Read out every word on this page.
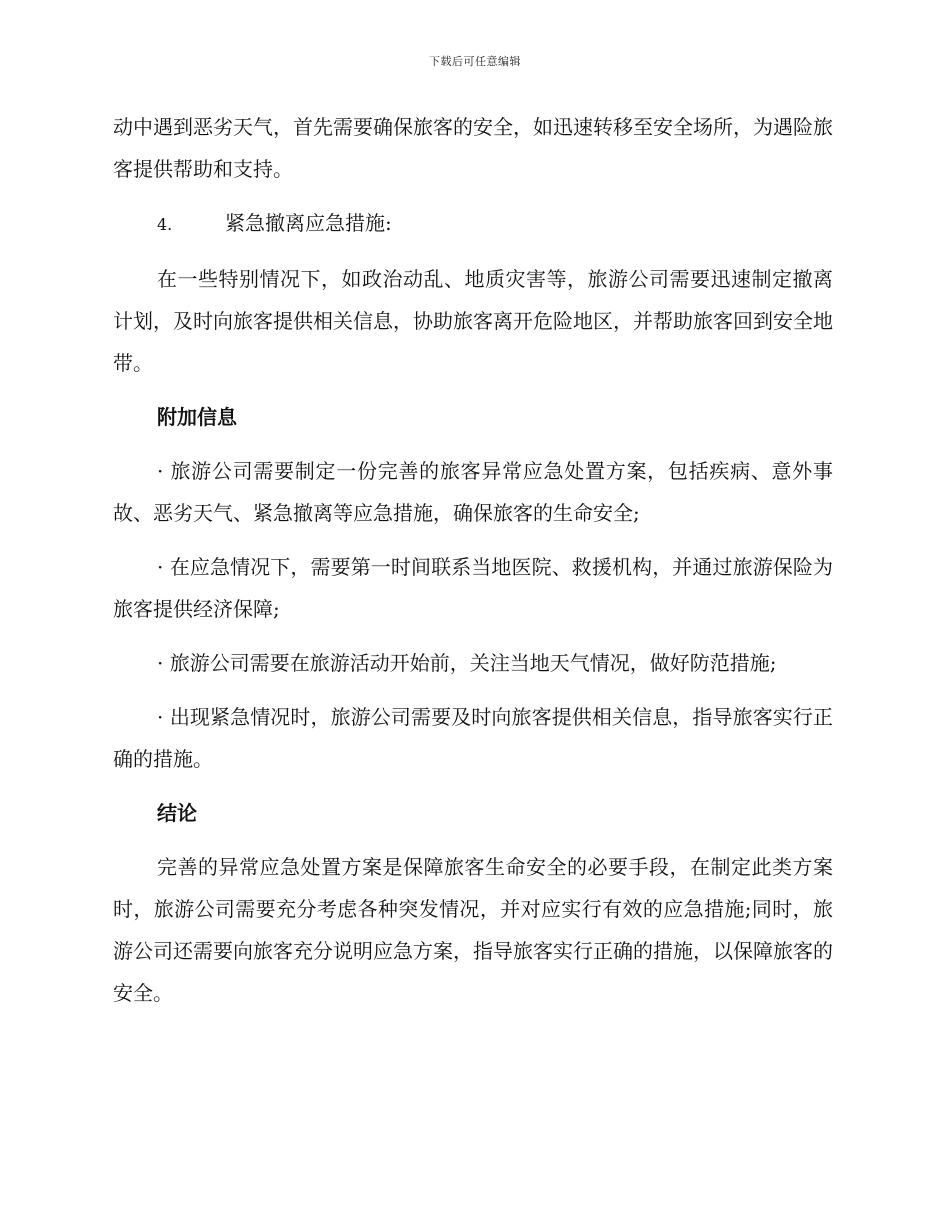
下载后可任意编辑

动中遇到恶劣天气，首先需要确保旅客的安全，如迅速转移至安全场所，为遇险旅客提供帮助和支持。

4.	紧急撤离应急措施:

在一些特别情况下，如政治动乱、地质灾害等，旅游公司需要迅速制定撤离计划，及时向旅客提供相关信息，协助旅客离开危险地区，并帮助旅客回到安全地带。

附加信息

· 旅游公司需要制定一份完善的旅客异常应急处置方案，包括疾病、意外事故、恶劣天气、紧急撤离等应急措施，确保旅客的生命安全;

· 在应急情况下，需要第一时间联系当地医院、救援机构，并通过旅游保险为旅客提供经济保障;

· 旅游公司需要在旅游活动开始前，关注当地天气情况，做好防范措施;

· 出现紧急情况时，旅游公司需要及时向旅客提供相关信息，指导旅客实行正确的措施。

结论

完善的异常应急处置方案是保障旅客生命安全的必要手段，在制定此类方案时，旅游公司需要充分考虑各种突发情况，并对应实行有效的应急措施;同时，旅游公司还需要向旅客充分说明应急方案，指导旅客实行正确的措施，以保障旅客的安全。
